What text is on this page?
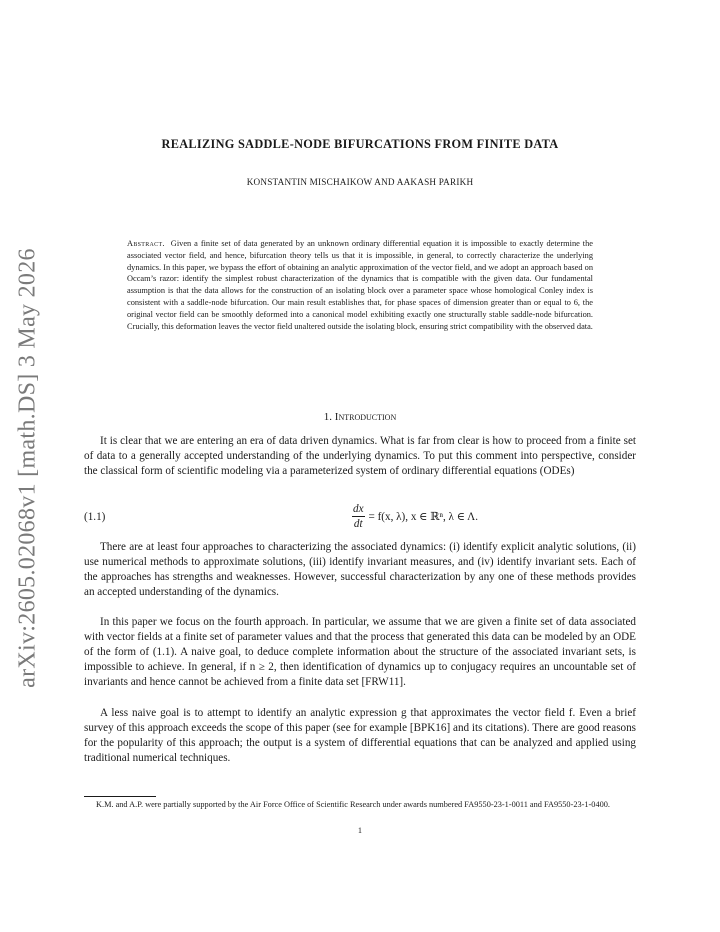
arXiv:2605.02068v1 [math.DS] 3 May 2026
REALIZING SADDLE-NODE BIFURCATIONS FROM FINITE DATA
KONSTANTIN MISCHAIKOW AND AAKASH PARIKH
Abstract. Given a finite set of data generated by an unknown ordinary differential equation it is impossible to exactly determine the associated vector field, and hence, bifurcation theory tells us that it is impossible, in general, to correctly characterize the underlying dynamics. In this paper, we bypass the effort of obtaining an analytic approximation of the vector field, and we adopt an approach based on Occam’s razor: identify the simplest robust characterization of the dynamics that is compatible with the given data. Our fundamental assumption is that the data allows for the construction of an isolating block over a parameter space whose homological Conley index is consistent with a saddle-node bifurcation. Our main result establishes that, for phase spaces of dimension greater than or equal to 6, the original vector field can be smoothly deformed into a canonical model exhibiting exactly one structurally stable saddle-node bifurcation. Crucially, this deformation leaves the vector field unaltered outside the isolating block, ensuring strict compatibility with the observed data.
1. Introduction

It is clear that we are entering an era of data driven dynamics. What is far from clear is how to proceed from a finite set of data to a generally accepted understanding of the underlying dynamics. To put this comment into perspective, consider the classical form of scientific modeling via a parameterized system of ordinary differential equations (ODEs)

(1.1)	$\frac{dx}{dt} = f(x$, λ), x ∈ ℝⁿ, λ ∈ Λ.

There are at least four approaches to characterizing the associated dynamics: (i) identify explicit analytic solutions, (ii) use numerical methods to approximate solutions, (iii) identify invariant measures, and (iv) identify invariant sets. Each of the approaches has strengths and weaknesses. However, successful characterization by any one of these methods provides an accepted understanding of the dynamics.

In this paper we focus on the fourth approach. In particular, we assume that we are given a finite set of data associated with vector fields at a finite set of parameter values and that the process that generated this data can be modeled by an ODE of the form of (1.1). A naive goal, to deduce complete information about the structure of the associated invariant sets, is impossible to achieve. In general, if n ≥ 2, then identification of dynamics up to conjugacy requires an uncountable set of invariants and hence cannot be achieved from a finite data set [FRW11].

A less naive goal is to attempt to identify an analytic expression g that approximates the vector field f. Even a brief survey of this approach exceeds the scope of this paper (see for example [BPK16] and its citations). There are good reasons for the popularity of this approach; the output is a system of differential equations that can be analyzed and applied using traditional numerical techniques.

K.M. and A.P. were partially supported by the Air Force Office of Scientific Research under awards numbered FA9550-23-1-0011 and FA9550-23-1-0400.

1
